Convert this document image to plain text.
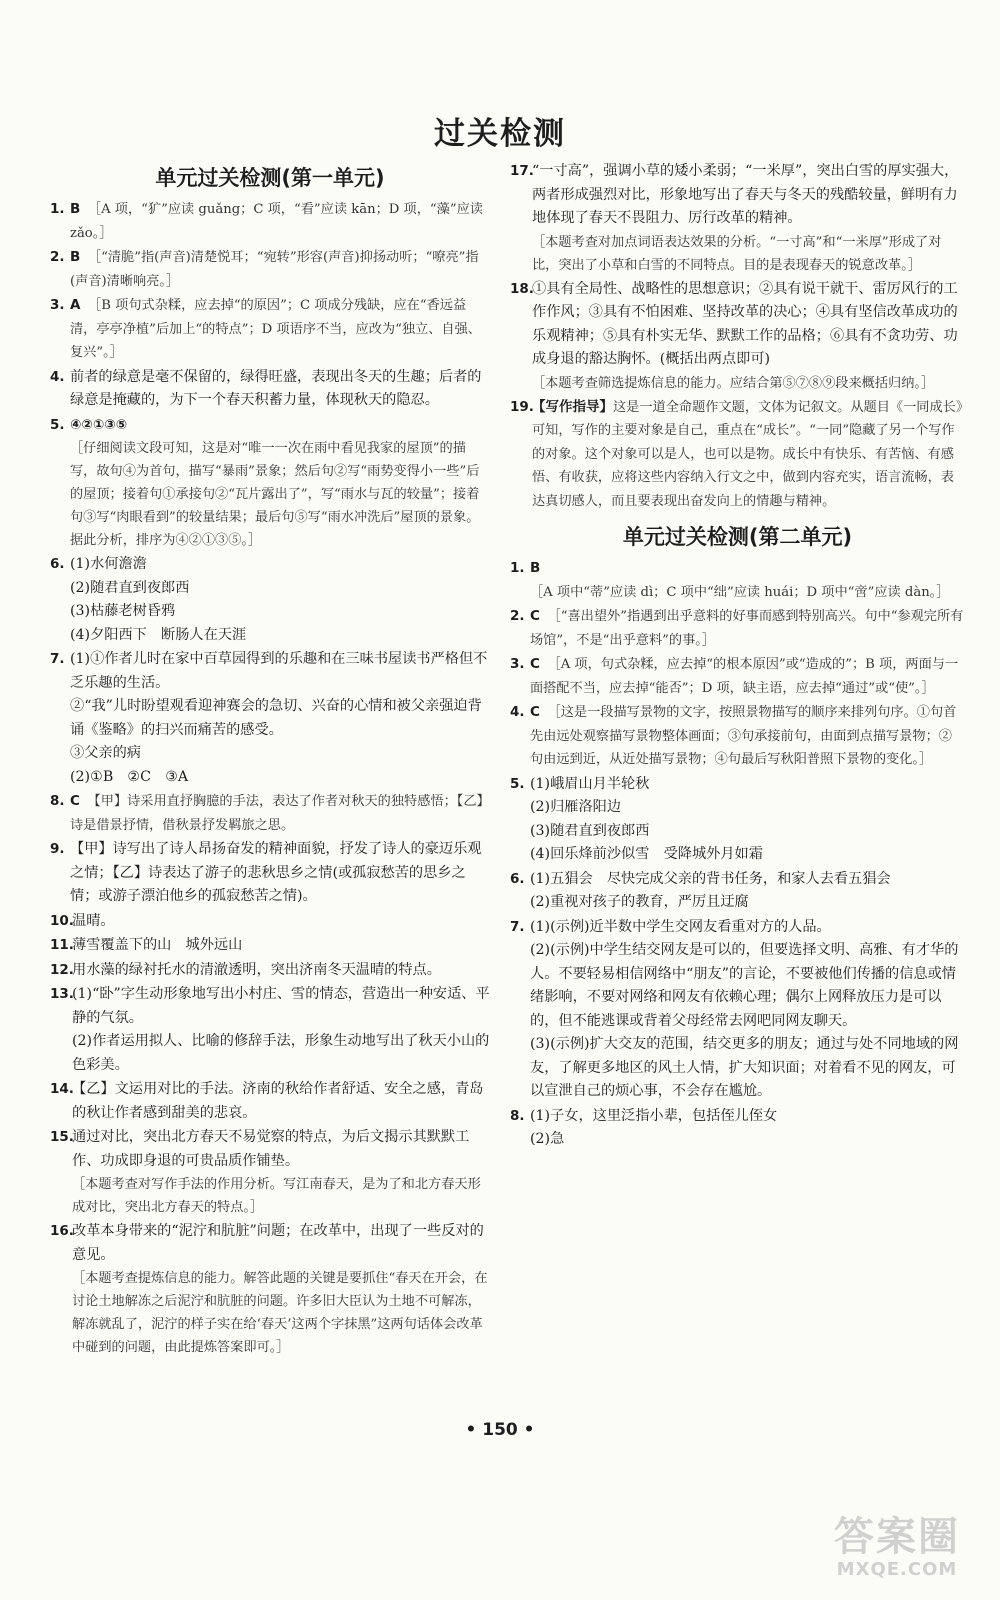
过关检测
单元过关检测(第一单元)
1. B　 ［A 项，“犷”应读 guǎng；C 项，“看”应读 kān；D 项，“藻”应读 zǎo。］
2. B　 ［“清脆”指(声音)清楚悦耳；“宛转”形容(声音)抑扬动听；“嘹亮”指(声音)清晰响亮。］
3. A　 ［B 项句式杂糅，应去掉“的原因”；C 项成分残缺，应在“香远益清，亭亭净植”后加上“的特点”；D 项语序不当，应改为“独立、自强、复兴”。］
4. 前者的绿意是毫不保留的，绿得旺盛，表现出冬天的生趣；后者的绿意是掩藏的，为下一个春天积蓄力量，体现秋天的隐忍。
5. ④②①③⑤
［仔细阅读文段可知，这是对“唯一一次在雨中看见我家的屋顶”的描写，故句④为首句，描写“暴雨”景象；然后句②写“雨势变得小一些”后的屋顶；接着句①承接句②“瓦片露出了”，写“雨水与瓦的较量”；接着句③写“肉眼看到”的较量结果；最后句⑤写“雨水冲洗后”屋顶的景象。据此分析，排序为④②①③⑤。］
6. (1)水何澹澹
(2)随君直到夜郎西
(3)枯藤老树昏鸦
(4)夕阳西下　断肠人在天涯
7. (1)①作者儿时在家中百草园得到的乐趣和在三味书屋读书严格但不乏乐趣的生活。
②“我”儿时盼望观看迎神赛会的急切、兴奋的心情和被父亲强迫背诵《鉴略》的扫兴而痛苦的感受。
③父亲的病
(2)①B　②C　③A
8. C　 【甲】诗采用直抒胸臆的手法，表达了作者对秋天的独特感悟；【乙】诗是借景抒情，借秋景抒发羁旅之思。
9. 【甲】诗写出了诗人昂扬奋发的精神面貌，抒发了诗人的豪迈乐观之情；【乙】诗表达了游子的悲秋思乡之情(或孤寂愁苦的思乡之情；或游子漂泊他乡的孤寂愁苦之情)。
10.
温晴。
11.
薄雪覆盖下的山　城外远山
12.
用水藻的绿衬托水的清澈透明，突出济南冬天温晴的特点。
13.
(1)“卧”字生动形象地写出小村庄、雪的情态，营造出一种安适、平静的气氛。
(2)作者运用拟人、比喻的修辞手法，形象生动地写出了秋天小山的色彩美。
14.
【乙】文运用对比的手法。济南的秋给作者舒适、安全之感，青岛的秋让作者感到甜美的悲哀。
15.
通过对比，突出北方春天不易觉察的特点，为后文揭示其默默工作、功成即身退的可贵品质作铺垫。
［本题考查对写作手法的作用分析。写江南春天，是为了和北方春天形成对比，突出北方春天的特点。］
16.
改革本身带来的“泥泞和肮脏”问题；在改革中，出现了一些反对的意见。
［本题考查提炼信息的能力。解答此题的关键是要抓住“春天在开会，在讨论土地解冻之后泥泞和肮脏的问题。许多旧大臣认为土地不可解冻，解冻就乱了，泥泞的样子实在给‘春天’这两个字抹黑”这两句话体会改革中碰到的问题，由此提炼答案即可。］
17.
“一寸高”，强调小草的矮小柔弱；“一米厚”，突出白雪的厚实强大，两者形成强烈对比，形象地写出了春天与冬天的残酷较量，鲜明有力地体现了春天不畏阻力、厉行改革的精神。
［本题考查对加点词语表达效果的分析。“一寸高”和“一米厚”形成了对比，突出了小草和白雪的不同特点。目的是表现春天的锐意改革。］
18.
①具有全局性、战略性的思想意识；②具有说干就干、雷厉风行的工作作风；③具有不怕困难、坚持改革的决心；④具有坚信改革成功的乐观精神；⑤具有朴实无华、默默工作的品格；⑥具有不贪功劳、功成身退的豁达胸怀。(概括出两点即可)
［本题考查筛选提炼信息的能力。应结合第⑤⑦⑧⑨段来概括归纳。］
19.
【写作指导】这是一道全命题作文题，文体为记叙文。从题目《一同成长》可知，写作的主要对象是自己，重点在“成长”。“一同”隐藏了另一个写作的对象。这个对象可以是人，也可以是物。成长中有快乐、有苦恼、有感悟、有收获，应将这些内容纳入行文之中，做到内容充实，语言流畅，表达真切感人，而且要表现出奋发向上的情趣与精神。
单元过关检测(第二单元)
1. B　［A 项中“蒂”应读 dì；C 项中“绌”应读 huái；D 项中“啻”应读 dàn。］
2. C　 ［“喜出望外”指遇到出乎意料的好事而感到特别高兴。句中“参观完所有场馆”，不是“出乎意料”的事。］
3. C　 ［A 项，句式杂糅，应去掉“的根本原因”或“造成的”；B 项，两面与一面搭配不当，应去掉“能否”；D 项，缺主语，应去掉“通过”或“使”。］
4. C　 ［这是一段描写景物的文字，按照景物描写的顺序来排列句序。①句首先由远处观察描写景物整体画面；③句承接前句，由面到点描写景物；②句由远到近，从近处描写景物；④句最后写秋阳普照下景物的变化。］
5. (1)峨眉山月半轮秋
(2)归雁洛阳边
(3)随君直到夜郎西
(4)回乐烽前沙似雪　受降城外月如霜
6. (1)五猖会　尽快完成父亲的背书任务，和家人去看五猖会
(2)重视对孩子的教育，严厉且迂腐
7. (1)(示例)近半数中学生交网友看重对方的人品。
(2)(示例)中学生结交网友是可以的，但要选择文明、高雅、有才华的人。不要轻易相信网络中“朋友”的言论，不要被他们传播的信息或情绪影响，不要对网络和网友有依赖心理；偶尔上网释放压力是可以的，但不能逃课或背着父母经常去网吧同网友聊天。
(3)(示例)扩大交友的范围，结交更多的朋友；通过与处不同地域的网友，了解更多地区的风土人情，扩大知识面；对着看不见的网友，可以宣泄自己的烦心事，不会存在尴尬。
8. (1)子女，这里泛指小辈，包括侄儿侄女
(2)急
• 150 •
答案圈
MXQE.COM
